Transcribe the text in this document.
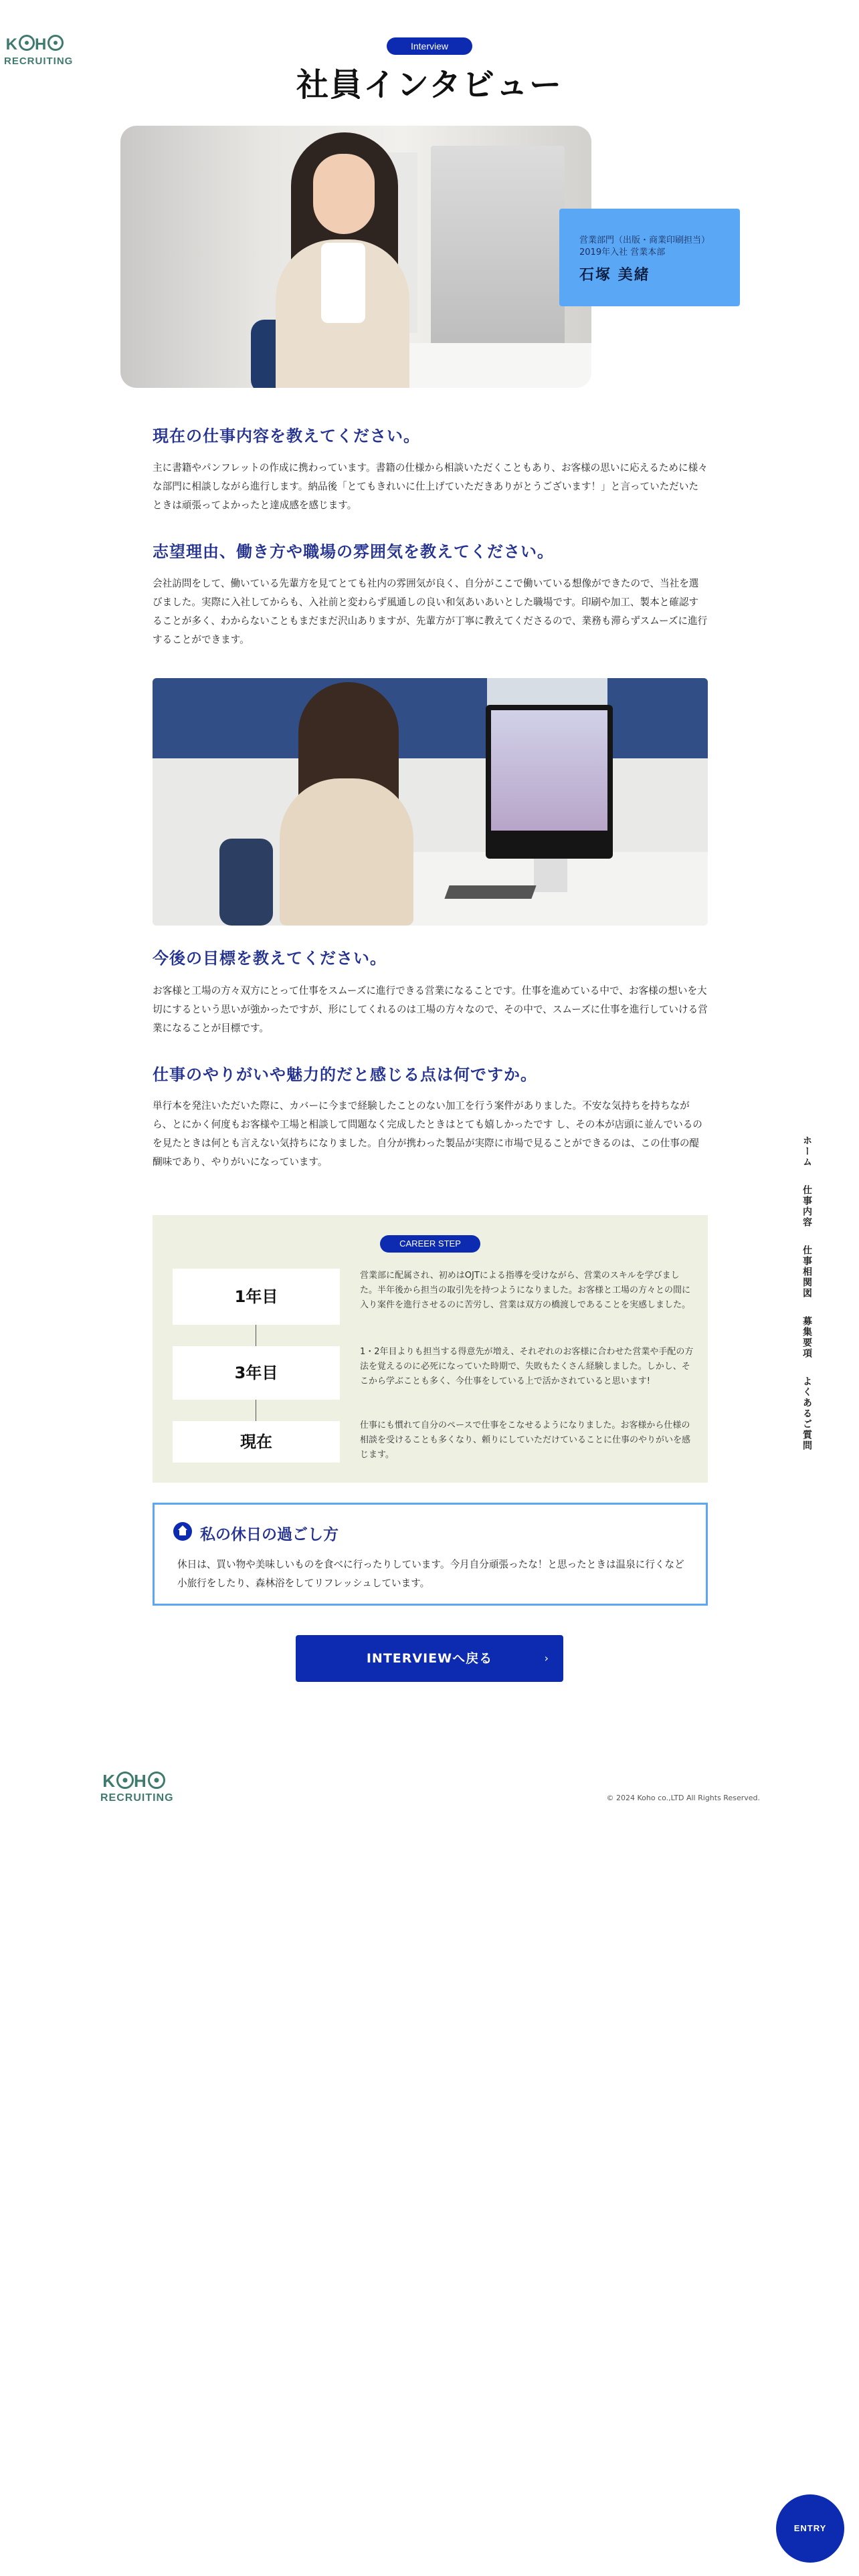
K H
RECRUITING
Interview
社員インタビュー
営業部門（出版・商業印刷担当）
2019年入社 営業本部
石塚 美緒
現在の仕事内容を教えてください。

主に書籍やパンフレットの作成に携わっています。書籍の仕様から相談いただくこともあり、お客様の思いに応えるために様々な部門に相談しながら進行します。納品後「とてもきれいに仕上げていただきありがとうございます！」と言っていただいたときは頑張ってよかったと達成感を感じます。

志望理由、働き方や職場の雰囲気を教えてください。

会社訪問をして、働いている先輩方を見てとても社内の雰囲気が良く、自分がここで働いている想像ができたので、当社を選びました。実際に入社してからも、入社前と変わらず風通しの良い和気あいあいとした職場です。印刷や加工、製本と確認することが多く、わからないこともまだまだ沢山ありますが、先輩方が丁寧に教えてくださるので、業務も滞らずスムーズに進行することができます。

今後の目標を教えてください。

お客様と工場の方々双方にとって仕事をスムーズに進行できる営業になることです。仕事を進めている中で、お客様の想いを大切にするという思いが強かったですが、形にしてくれるのは工場の方々なので、その中で、スムーズに仕事を進行していける営業になることが目標です。

仕事のやりがいや魅力的だと感じる点は何ですか。

単行本を発注いただいた際に、カバーに今まで経験したことのない加工を行う案件がありました。不安な気持ちを持ちながら、とにかく何度もお客様や工場と相談して問題なく完成したときはとても嬉しかったです し、その本が店頭に並んでいるのを見たときは何とも言えない気持ちになりました。自分が携わった製品が実際に市場で見ることができるのは、この仕事の醍醐味であり、やりがいになっています。

CAREER STEP
1年目
3年目
現在

営業部に配属され、初めはOJTによる指導を受けながら、営業のスキルを学びました。半年後から担当の取引先を持つようになりました。お客様と工場の方々との間に入り案件を進行させるのに苦労し、営業は双方の橋渡しであることを実感しました。

1・2年目よりも担当する得意先が増え、それぞれのお客様に合わせた営業や手配の方法を覚えるのに必死になっていた時期で、失敗もたくさん経験しました。しかし、そこから学ぶことも多く、今仕事をしている上で活かされていると思います!

仕事にも慣れて自分のペースで仕事をこなせるようになりました。お客様から仕様の相談を受けることも多くなり、頼りにしていただけていることに仕事のやりがいを感じます。

私の休日の過ごし方

休日は、買い物や美味しいものを食べに行ったりしています。今月自分頑張ったな！と思ったときは温泉に行くなど小旅行をしたり、森林浴をしてリフレッシュしています。

INTERVIEWへ戻る	›
K H
RECRUITING	© 2024 Koho co.,LTD All Rights Reserved.
ホーム
仕事内容
仕事相関図
募集要項
よくあるご質問
ENTRY
